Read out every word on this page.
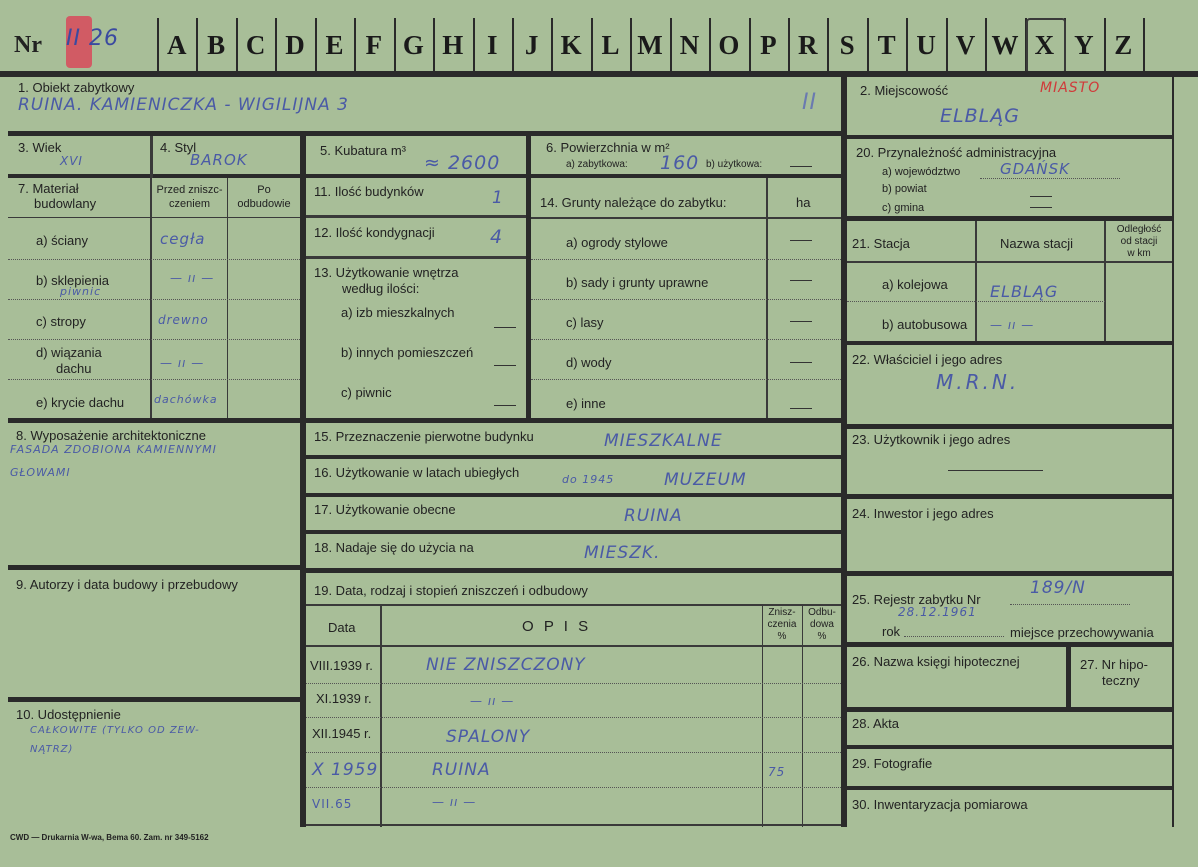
Nr II 26	A B C D E F G H I	J K L M N O P R S T U V W X Y Z
1. Obiekt zabytkowy
RUINA. KAMIENICZKA - WIGILIJNA 3	II	2. Miejscowość	MIASTO
ELBLĄG
3. Wiek
XVI
4. Styl
BAROK
5. Kubatura m³
≈ 2600
6. Powierzchnia w m²
a) zabytkowa: 160 b) użytkowa:
7. Materiał
budowlany
Przed zniszc-
czeniem
Po
odbudowie
a) ściany	cegła
b) sklepienia
piwnic
— ıı —
c) stropy	drewno
d) wiązania
dachu	— ıı —
e) krycie dachu	dachówka
11. Ilość budynków	1
12. Ilość kondygnacji	4
13. Użytkowanie wnętrza
według ilości:
a) izb mieszkalnych
b) innych pomieszczeń
c) piwnic
14. Grunty należące do zabytku:	ha
a) ogrody stylowe
b) sady i grunty uprawne
c) lasy
d) wody
e) inne
20. Przynależność administracyjna
a) województwo	GDAŃSK
b) powiat
c) gmina
21. Stacja	Nazwa stacji
Odległość
od stacji
w km
a) kolejowa	ELBLĄG
b) autobusowa — ıı —
22. Właściciel i jego adres
M.R.N.
8. Wyposażenie architektoniczne
FASADA ZDOBIONA KAMIENNYMI
GŁOWAMI
9. Autorzy i data budowy i przebudowy
10. Udostępnienie
CAŁKOWITE (TYLKO OD ZEW-
NĄTRZ)
15. Przeznaczenie pierwotne budynku	MIESZKALNE
16. Użytkowanie w latach ubiegłych	do 1945	MUZEUM
17. Użytkowanie obecne	RUINA
18. Nadaje się do użycia na	MIESZK.
19. Data, rodzaj i stopień zniszczeń i odbudowy
Data	O P I S
Znisz-
czenia
%
Odbu-
dowa
%
VIII.1939 r.	NIE ZNISZCZONY
XI.1939 r.	— ıı —
XII.1945 r.	SPALONY
X 1959	RUINA	75
VII.65	— ıı —
23. Użytkownik i jego adres
24. Inwestor i jego adres
25. Rejestr zabytku Nr
189/N
rok
28.12.1961
miejsce przechowywania
26. Nazwa księgi hipotecznej	27. Nr hipo-
teczny
28. Akta
29. Fotografie
30. Inwentaryzacja pomiarowa
CWD — Drukarnia W-wa, Bema 60. Zam. nr 349-5162
